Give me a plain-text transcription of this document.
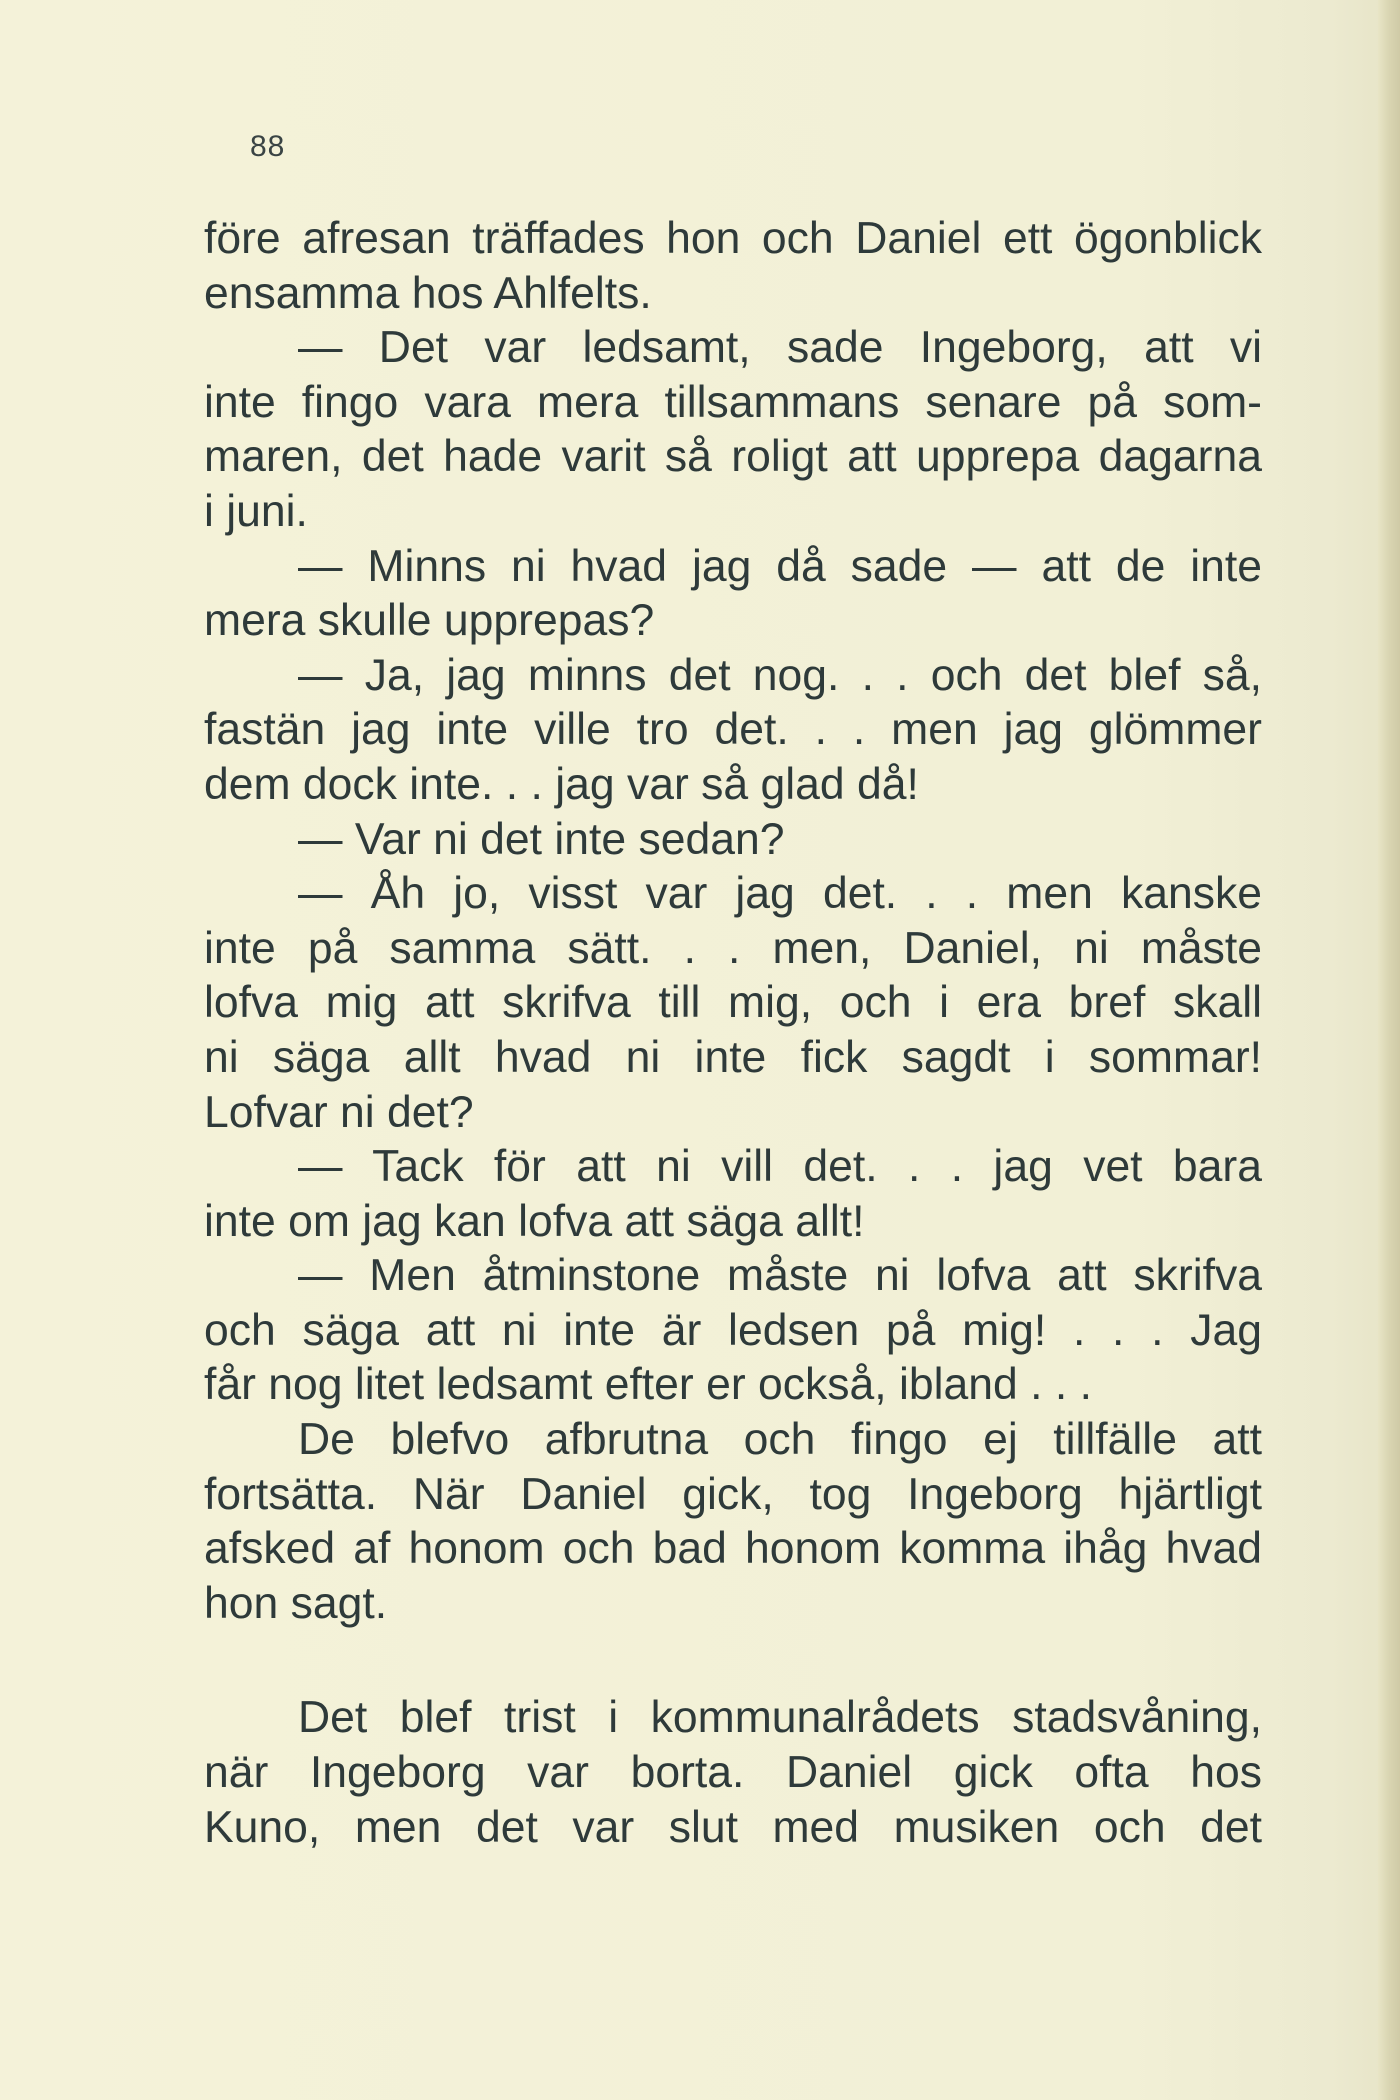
88
före afresan träffades hon och Daniel ett ögonblick
ensamma hos Ahlfelts.
— Det var ledsamt, sade Ingeborg, att vi
inte fingo vara mera tillsammans senare på som-
maren, det hade varit så roligt att upprepa dagarna
i juni.
— Minns ni hvad jag då sade — att de inte
mera skulle upprepas?
— Ja, jag minns det nog. . . och det blef så,
fastän jag inte ville tro det. . . men jag glömmer
dem dock inte. . . jag var så glad då!
— Var ni det inte sedan?
— Åh jo, visst var jag det. . . men kanske
inte på samma sätt. . . men, Daniel, ni måste
lofva mig att skrifva till mig, och i era bref skall
ni säga allt hvad ni inte fick sagdt i sommar!
Lofvar ni det?
— Tack för att ni vill det. . . jag vet bara
inte om jag kan lofva att säga allt!
— Men åtminstone måste ni lofva att skrifva
och säga att ni inte är ledsen på mig! . . . Jag
får nog litet ledsamt efter er också, ibland . . .
De blefvo afbrutna och fingo ej tillfälle att
fortsätta. När Daniel gick, tog Ingeborg hjärtligt
afsked af honom och bad honom komma ihåg hvad
hon sagt.
Det blef trist i kommunalrådets stadsvåning,
när Ingeborg var borta. Daniel gick ofta hos
Kuno, men det var slut med musiken och det
